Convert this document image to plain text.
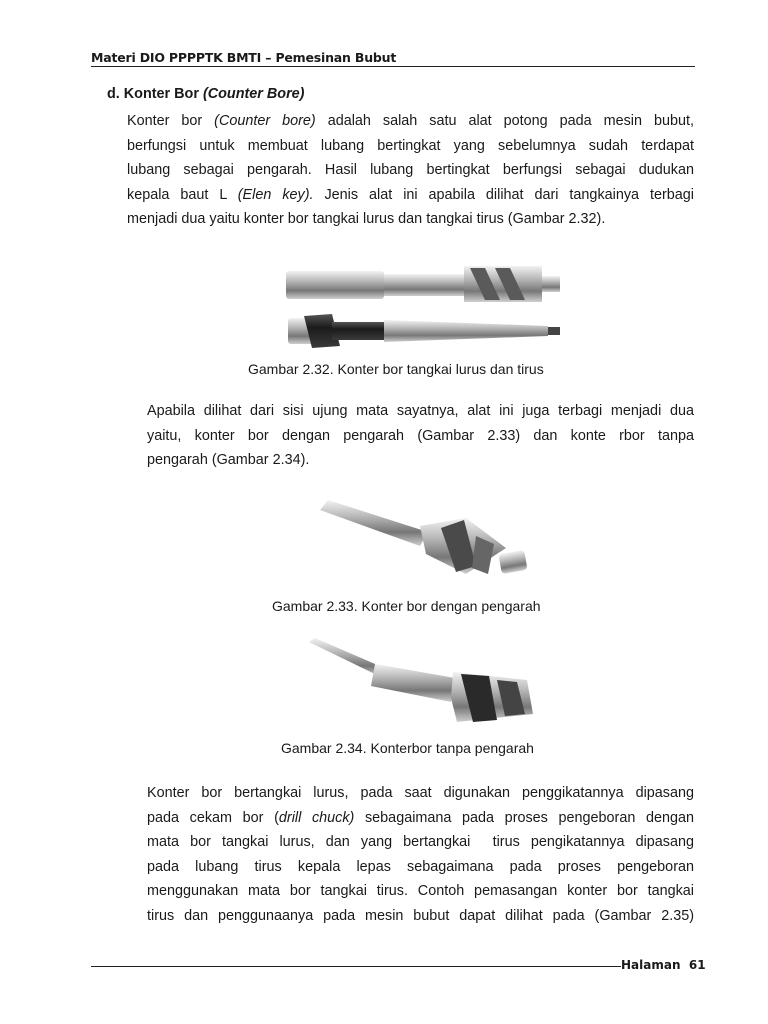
Materi DIO PPPPTK BMTI – Pemesinan Bubut

d. Konter Bor (Counter Bore)

Konter bor (Counter bore) adalah salah satu alat potong pada mesin bubut,
berfungsi untuk membuat lubang bertingkat yang sebelumnya sudah terdapat
lubang sebagai pengarah. Hasil lubang bertingkat berfungsi sebagai dudukan
kepala baut L (Elen key). Jenis alat ini apabila dilihat dari tangkainya terbagi
menjadi dua yaitu konter bor tangkai lurus dan tangkai tirus (Gambar 2.32).
Gambar 2.32. Konter bor tangkai lurus dan tirus
Apabila dilihat dari sisi ujung mata sayatnya, alat ini juga terbagi menjadi dua
yaitu, konter bor dengan pengarah (Gambar 2.33) dan konte rbor tanpa
pengarah (Gambar 2.34).
Gambar 2.33. Konter bor dengan pengarah
Gambar 2.34. Konterbor tanpa pengarah
Konter bor bertangkai lurus, pada saat digunakan penggikatannya dipasang
pada cekam bor (drill chuck) sebagaimana pada proses pengeboran dengan
mata bor tangkai lurus, dan yang bertangkai  tirus pengikatannya dipasang
pada lubang tirus kepala lepas sebagaimana pada proses pengeboran
menggunakan mata bor tangkai tirus. Contoh pemasangan konter bor tangkai
tirus dan penggunaanya pada mesin bubut dapat dilihat pada (Gambar 2.35)
Halaman  61
